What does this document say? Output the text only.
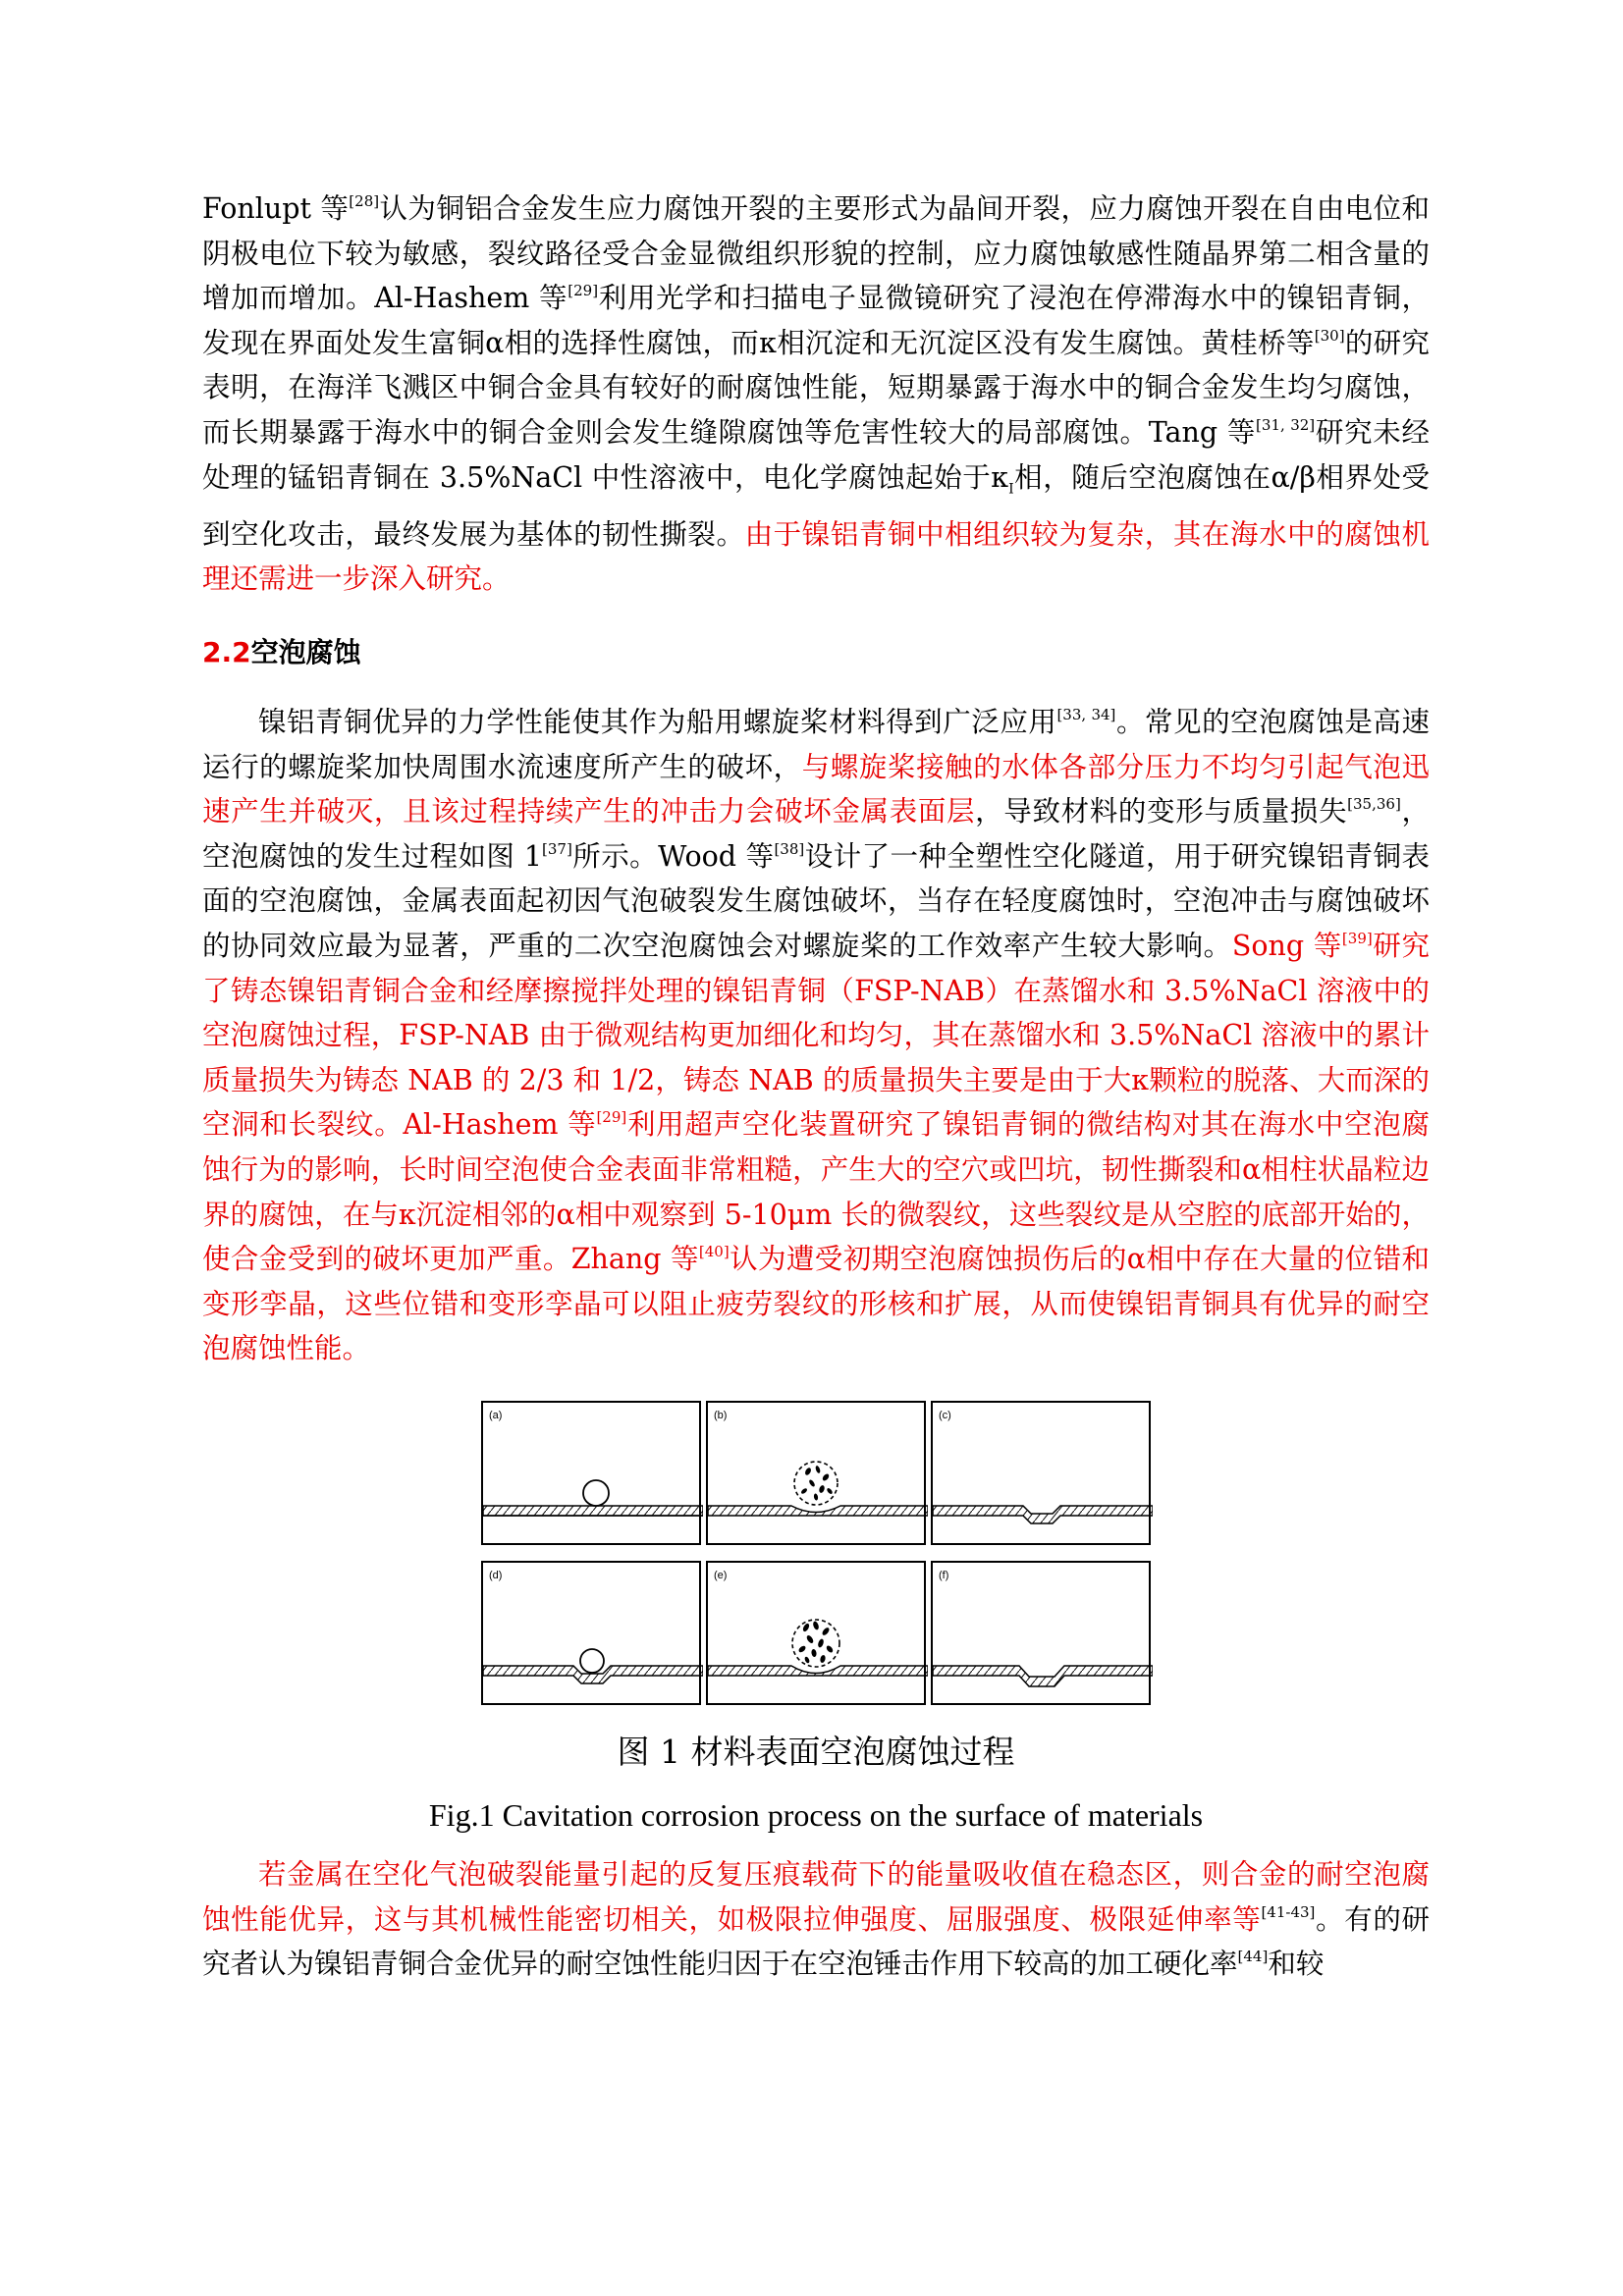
Fonlupt 等[28]认为铜铝合金发生应力腐蚀开裂的主要形式为晶间开裂，应力腐蚀开裂在自由电位和阴极电位下较为敏感，裂纹路径受合金显微组织形貌的控制，应力腐蚀敏感性随晶界第二相含量的增加而增加。Al-Hashem 等[29]利用光学和扫描电子显微镜研究了浸泡在停滞海水中的镍铝青铜，发现在界面处发生富铜α相的选择性腐蚀，而κ相沉淀和无沉淀区没有发生腐蚀。黄桂桥等[30]的研究表明，在海洋飞溅区中铜合金具有较好的耐腐蚀性能，短期暴露于海水中的铜合金发生均匀腐蚀，而长期暴露于海水中的铜合金则会发生缝隙腐蚀等危害性较大的局部腐蚀。Tang 等[31, 32]研究未经处理的锰铝青铜在 3.5%NaCl 中性溶液中，电化学腐蚀起始于$\kappa_I$相，随后空泡腐蚀在α/β相界处受到空化攻击，最终发展为基体的韧性撕裂。由于镍铝青铜中相组织较为复杂，其在海水中的腐蚀机理还需进一步深入研究。

2.2空泡腐蚀

镍铝青铜优异的力学性能使其作为船用螺旋桨材料得到广泛应用[33, 34]。常见的空泡腐蚀是高速运行的螺旋桨加快周围水流速度所产生的破坏，与螺旋桨接触的水体各部分压力不均匀引起气泡迅速产生并破灭，且该过程持续产生的冲击力会破坏金属表面层，导致材料的变形与质量损失[35,36]，空泡腐蚀的发生过程如图 1[37]所示。Wood 等[38]设计了一种全塑性空化隧道，用于研究镍铝青铜表面的空泡腐蚀，金属表面起初因气泡破裂发生腐蚀破坏，当存在轻度腐蚀时，空泡冲击与腐蚀破坏的协同效应最为显著，严重的二次空泡腐蚀会对螺旋桨的工作效率产生较大影响。Song 等[39]研究了铸态镍铝青铜合金和经摩擦搅拌处理的镍铝青铜（FSP-NAB）在蒸馏水和 3.5%NaCl 溶液中的空泡腐蚀过程，FSP-NAB 由于微观结构更加细化和均匀，其在蒸馏水和 3.5%NaCl 溶液中的累计质量损失为铸态 NAB 的 2/3 和 1/2，铸态 NAB 的质量损失主要是由于大κ颗粒的脱落、大而深的空洞和长裂纹。Al-Hashem 等[29]利用超声空化装置研究了镍铝青铜的微结构对其在海水中空泡腐蚀行为的影响，长时间空泡使合金表面非常粗糙，产生大的空穴或凹坑，韧性撕裂和α相柱状晶粒边界的腐蚀，在与κ沉淀相邻的α相中观察到 5-10μm 长的微裂纹，这些裂纹是从空腔的底部开始的，使合金受到的破坏更加严重。Zhang 等[40]认为遭受初期空泡腐蚀损伤后的α相中存在大量的位错和变形孪晶，这些位错和变形孪晶可以阻止疲劳裂纹的形核和扩展，从而使镍铝青铜具有优异的耐空泡腐蚀性能。

(a)	(b)	(c)
(d)	(e)	(f)
图 1 材料表面空泡腐蚀过程
Fig.1 Cavitation corrosion process on the surface of materials

若金属在空化气泡破裂能量引起的反复压痕载荷下的能量吸收值在稳态区，则合金的耐空泡腐蚀性能优异，这与其机械性能密切相关，如极限拉伸强度、屈服强度、极限延伸率等[41-43]。有的研究者认为镍铝青铜合金优异的耐空蚀性能归因于在空泡锤击作用下较高的加工硬化率[44]和较
